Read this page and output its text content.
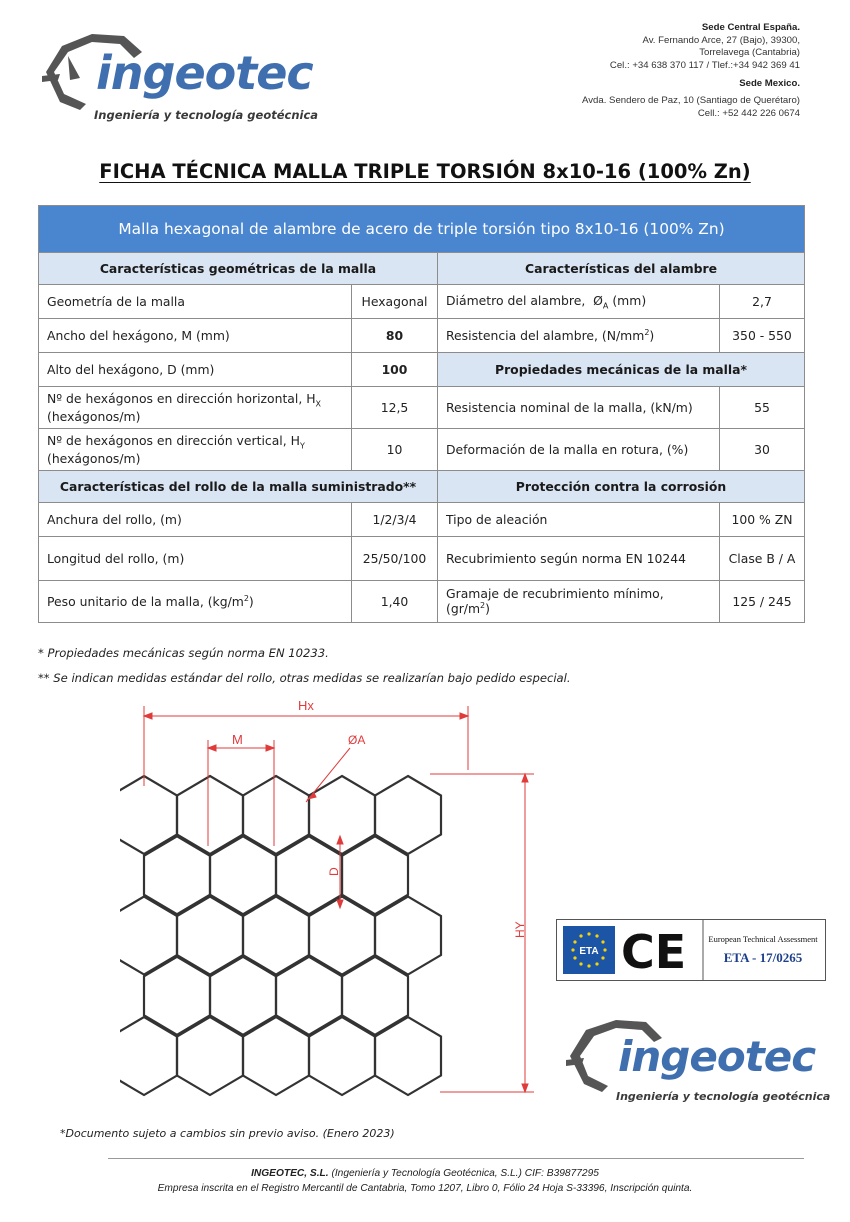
ingeotec
Ingeniería y tecnología geotécnica
Sede Central España.
Av. Fernando Arce, 27 (Bajo), 39300,
Torrelavega (Cantabria)
Cel.: +34 638 370 117 / Tlef.:+34 942 369 41
Sede Mexico.
Avda. Sendero de Paz, 10 (Santiago de Querétaro)
Cell.: +52 442 226 0674
FICHA TÉCNICA MALLA TRIPLE TORSIÓN 8x10-16 (100% Zn)
Malla hexagonal de alambre de acero de triple torsión tipo 8x10-16 (100% Zn)			
Características geométricas de la malla		Características del alambre	
Geometría de la malla	Hexagonal	Diámetro del alambre,  $Ø_A$ (mm)	2,7
Ancho del hexágono, M (mm)	80	Resistencia del alambre, $(N/mm^2)$	350 - 550
Alto del hexágono, D (mm)	100	Propiedades mecánicas de la malla*	
Nº de hexágonos en dirección horizontal, $H_X$ (hexágonos/m)	12,5	Resistencia nominal de la malla, (kN/m)	55
Nº de hexágonos en dirección vertical, $H_Y$ (hexágonos/m)	10	Deformación de la malla en rotura, (%)	30
Características del rollo de la malla suministrado**		Protección contra la corrosión	
Anchura del rollo, (m)	1/2/3/4	Tipo de aleación	100 % ZN
Longitud del rollo, (m)	25/50/100	Recubrimiento según norma EN 10244	Clase B / A
Peso unitario de la malla, $(kg/m^2)$	1,40	Gramaje de recubrimiento mínimo, $(gr/m^2)$	125 / 245
* Propiedades mecánicas según norma EN 10233.
** Se indican medidas estándar del rollo, otras medidas se realizarían bajo pedido especial.
Hx
M	ØA
D
HY
ETA CE	European Technical Assessment
ETA - 17/0265
ingeotec
Ingeniería y tecnología geotécnica
*Documento sujeto a cambios sin previo aviso. (Enero 2023)
INGEOTEC, S.L. (Ingeniería y Tecnología Geotécnica, S.L.) CIF: B39877295
Empresa inscrita en el Registro Mercantil de Cantabria, Tomo 1207, Libro 0, Fólio 24 Hoja S-33396, Inscripción quinta.
